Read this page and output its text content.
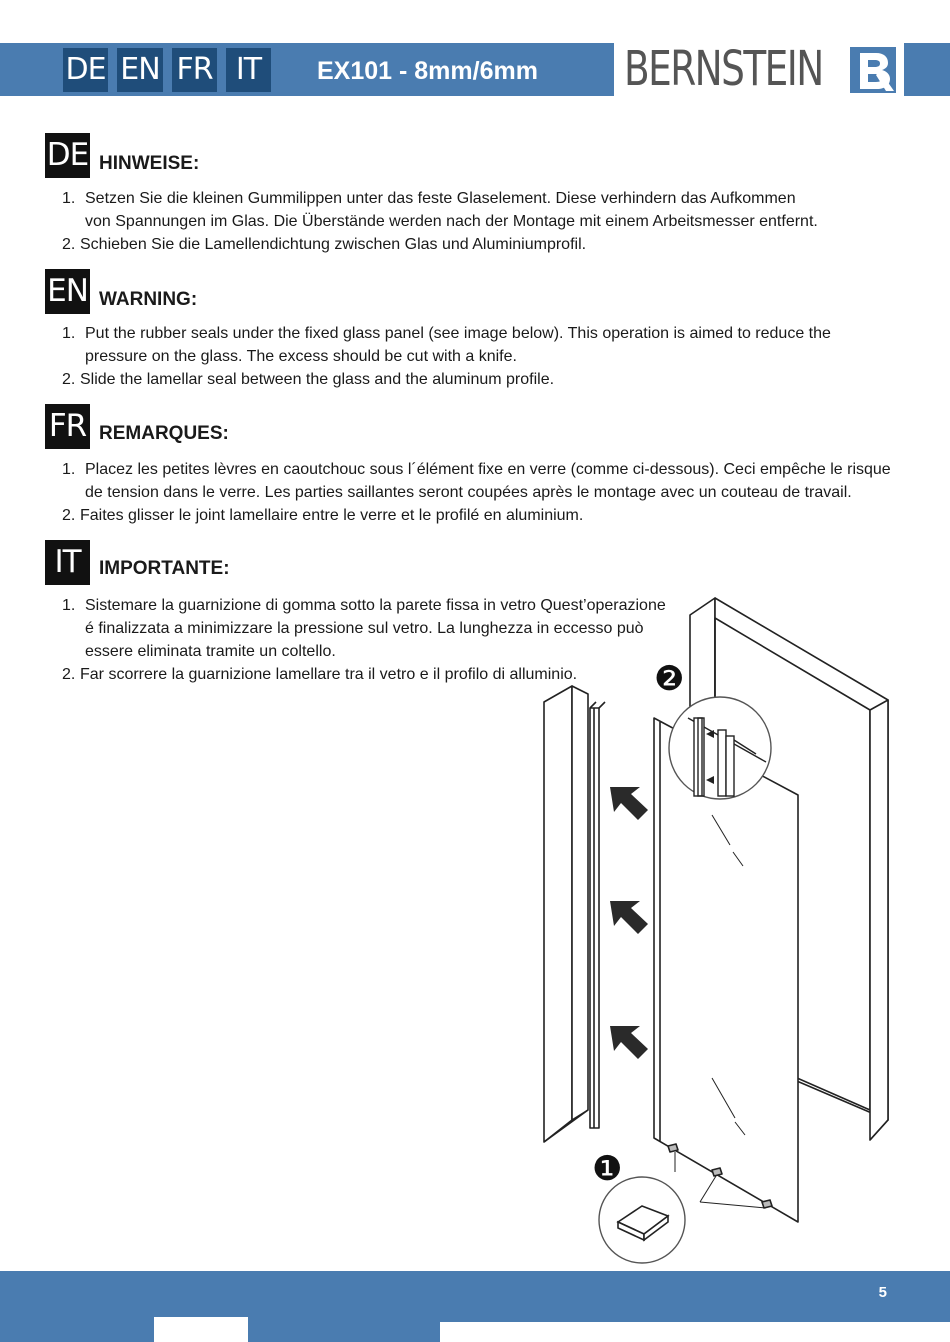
DE EN FR IT	EX101 - 8mm/6mm BERNSTEIN
DE HINWEISE:
1. Setzen Sie die kleinen Gummilippen unter das feste Glaselement. Diese verhindern das Aufkommen
von Spannungen im Glas. Die Überstände werden nach der Montage mit einem Arbeitsmesser entfernt.
2. Schieben Sie die Lamellendichtung zwischen Glas und Aluminiumprofil.
EN WARNING:
1. Put the rubber seals under the fixed glass panel (see image below). This operation is aimed to reduce the
pressure on the glass. The excess should be cut with a knife.
2. Slide the lamellar seal between the glass and the aluminum profile.
FR REMARQUES:
1. Placez les petites lèvres en caoutchouc sous l´élément fixe en verre (comme ci-dessous). Ceci empêche le risque
de tension dans le verre. Les parties saillantes seront coupées après le montage avec un couteau de travail.
2. Faites glisser le joint lamellaire entre le verre et le profilé en aluminium.
IT IMPORTANTE:
1. Sistemare la guarnizione di gomma sotto la parete fissa in vetro Quest’operazione
é finalizzata a minimizzare la pressione sul vetro. La lunghezza in eccesso può
essere eliminata tramite un coltello.
2. Far scorrere la guarnizione lamellare tra il vetro e il profilo di alluminio. ❷
❶
5
